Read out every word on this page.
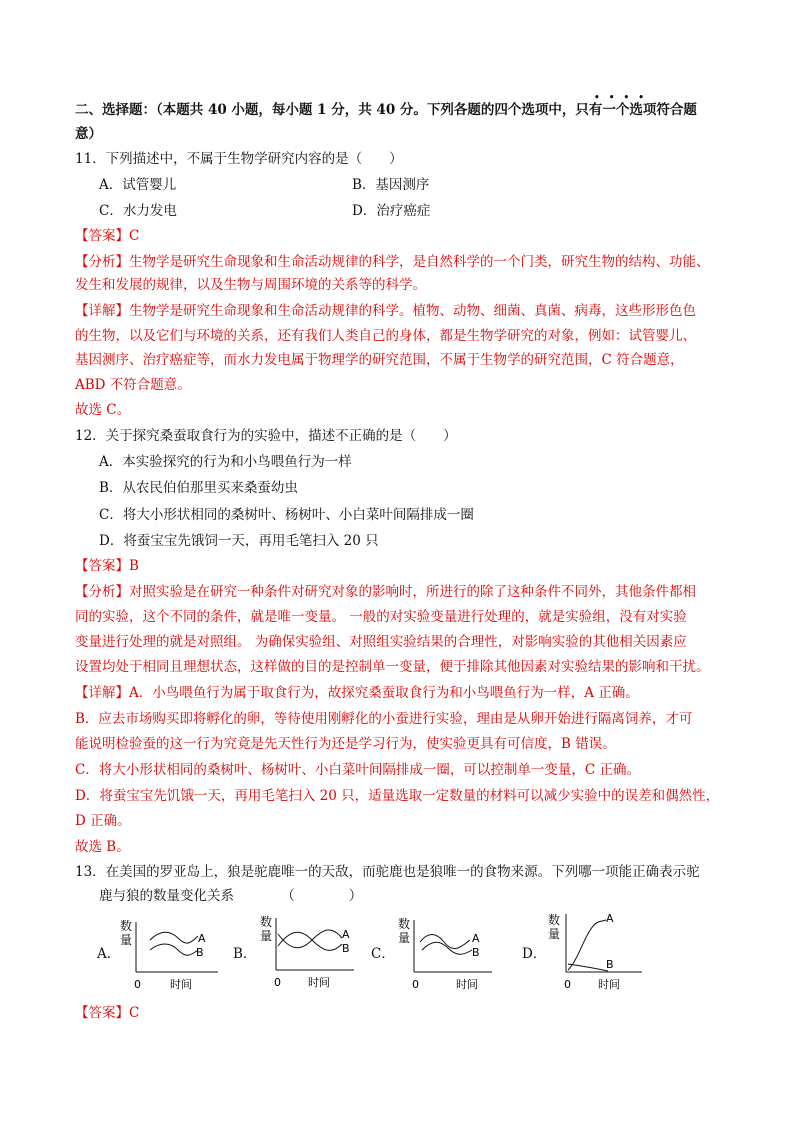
二、选择题：（本题共 40 小题，每小题 1 分，共 40 分。下列各题的四个选项中，只有一个选项符合题
••••
意）
11．下列描述中，不属于生物学研究内容的是（　　）
A．试管婴儿	B．基因测序
C．水力发电	D．治疗癌症
【答案】C
【分析】生物学是研究生命现象和生命活动规律的科学，是自然科学的一个门类，研究生物的结构、功能、
发生和发展的规律，以及生物与周围环境的关系等的科学。
【详解】生物学是研究生命现象和生命活动规律的科学。植物、动物、细菌、真菌、病毒，这些形形色色
的生物，以及它们与环境的关系，还有我们人类自己的身体，都是生物学研究的对象，例如：试管婴儿、
基因测序、治疗癌症等，而水力发电属于物理学的研究范围，不属于生物学的研究范围，C 符合题意，
ABD 不符合题意。
故选 C。
12．关于探究桑蚕取食行为的实验中，描述不正确的是（　　）
A．本实验探究的行为和小鸟喂鱼行为一样
B．从农民伯伯那里买来桑蚕幼虫
C．将大小形状相同的桑树叶、杨树叶、小白菜叶间隔排成一圈
D．将蚕宝宝先饿饲一天，再用毛笔扫入 20 只
【答案】B
【分析】对照实验是在研究一种条件对研究对象的影响时，所进行的除了这种条件不同外，其他条件都相
同的实验，这个不同的条件，就是唯一变量。 一般的对实验变量进行处理的，就是实验组，没有对实验
变量进行处理的就是对照组。 为确保实验组、对照组实验结果的合理性，对影响实验的其他相关因素应
设置均处于相同且理想状态，这样做的目的是控制单一变量，便于排除其他因素对实验结果的影响和干扰。
【详解】A．小鸟喂鱼行为属于取食行为，故探究桑蚕取食行为和小鸟喂鱼行为一样，A 正确。
B．应去市场购买即将孵化的卵，等待使用刚孵化的小蚕进行实验，理由是从卵开始进行隔离饲养，才可
能说明检验蚕的这一行为究竟是先天性行为还是学习行为，使实验更具有可信度，B 错误。
C．将大小形状相同的桑树叶、杨树叶、小白菜叶间隔排成一圈，可以控制单一变量，C 正确。
D．将蚕宝宝先饥饿一天，再用毛笔扫入 20 只，适量选取一定数量的材料可以减少实验中的误差和偶然性，
D 正确。
故选 B。
13．在美国的罗亚岛上，狼是驼鹿唯一的天敌，而驼鹿也是狼唯一的食物来源。下列哪一项能正确表示驼
鹿与狼的数量变化关系　　　　（　　　　）
A．	B．	C．	D．
数
量	A
B
0	时间
数
量	A
B
0 时间
数
量	A
B
0	时间
数
量
A
B
0 时间
【答案】C
